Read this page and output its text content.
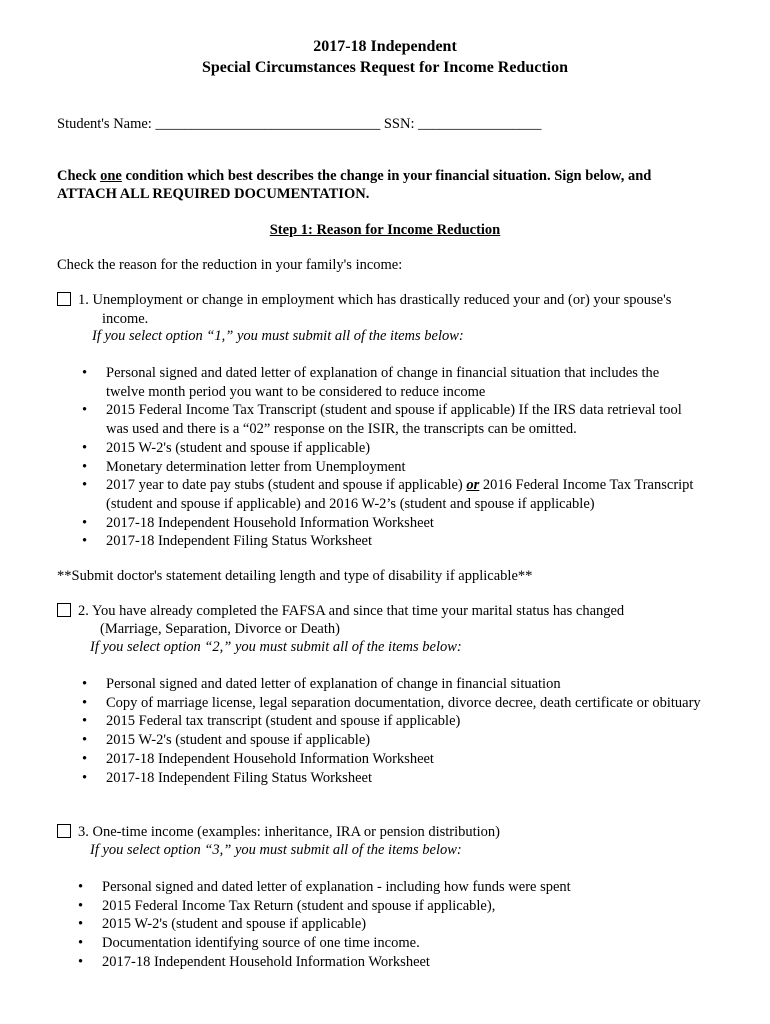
2017-18 Independent
Special Circumstances Request for Income Reduction
Student's Name: _______________________________ SSN: _________________
Check one condition which best describes the change in your financial situation. Sign below, and
ATTACH ALL REQUIRED DOCUMENTATION.
Step 1: Reason for Income Reduction
Check the reason for the reduction in your family's income:
1. Unemployment or change in employment which has drastically reduced your and (or) your spouse's
income.
If you select option “1,” you must submit all of the items below:
• Personal signed and dated letter of explanation of change in financial situation that includes the twelve month period you want to be considered to reduce income
• 2015 Federal Income Tax Transcript (student and spouse if applicable) If the IRS data retrieval tool was used and there is a “02” response on the ISIR, the transcripts can be omitted.
• 2015 W-2's (student and spouse if applicable)
• Monetary determination letter from Unemployment
• 2017 year to date pay stubs (student and spouse if applicable) or 2016 Federal Income Tax Transcript (student and spouse if applicable) and 2016 W-2’s (student and spouse if applicable)
• 2017-18 Independent Household Information Worksheet
• 2017-18 Independent Filing Status Worksheet
**Submit doctor's statement detailing length and type of disability if applicable**
2. You have already completed the FAFSA and since that time your marital status has changed
(Marriage, Separation, Divorce or Death)
If you select option “2,” you must submit all of the items below:
• Personal signed and dated letter of explanation of change in financial situation
• Copy of marriage license, legal separation documentation, divorce decree, death certificate or obituary
• 2015 Federal tax transcript (student and spouse if applicable)
• 2015 W-2's (student and spouse if applicable)
• 2017-18 Independent Household Information Worksheet
• 2017-18 Independent Filing Status Worksheet
3. One-time income (examples: inheritance, IRA or pension distribution)
If you select option “3,” you must submit all of the items below:
• Personal signed and dated letter of explanation - including how funds were spent
• 2015 Federal Income Tax Return (student and spouse if applicable),
• 2015 W-2's (student and spouse if applicable)
• Documentation identifying source of one time income.
• 2017-18 Independent Household Information Worksheet
